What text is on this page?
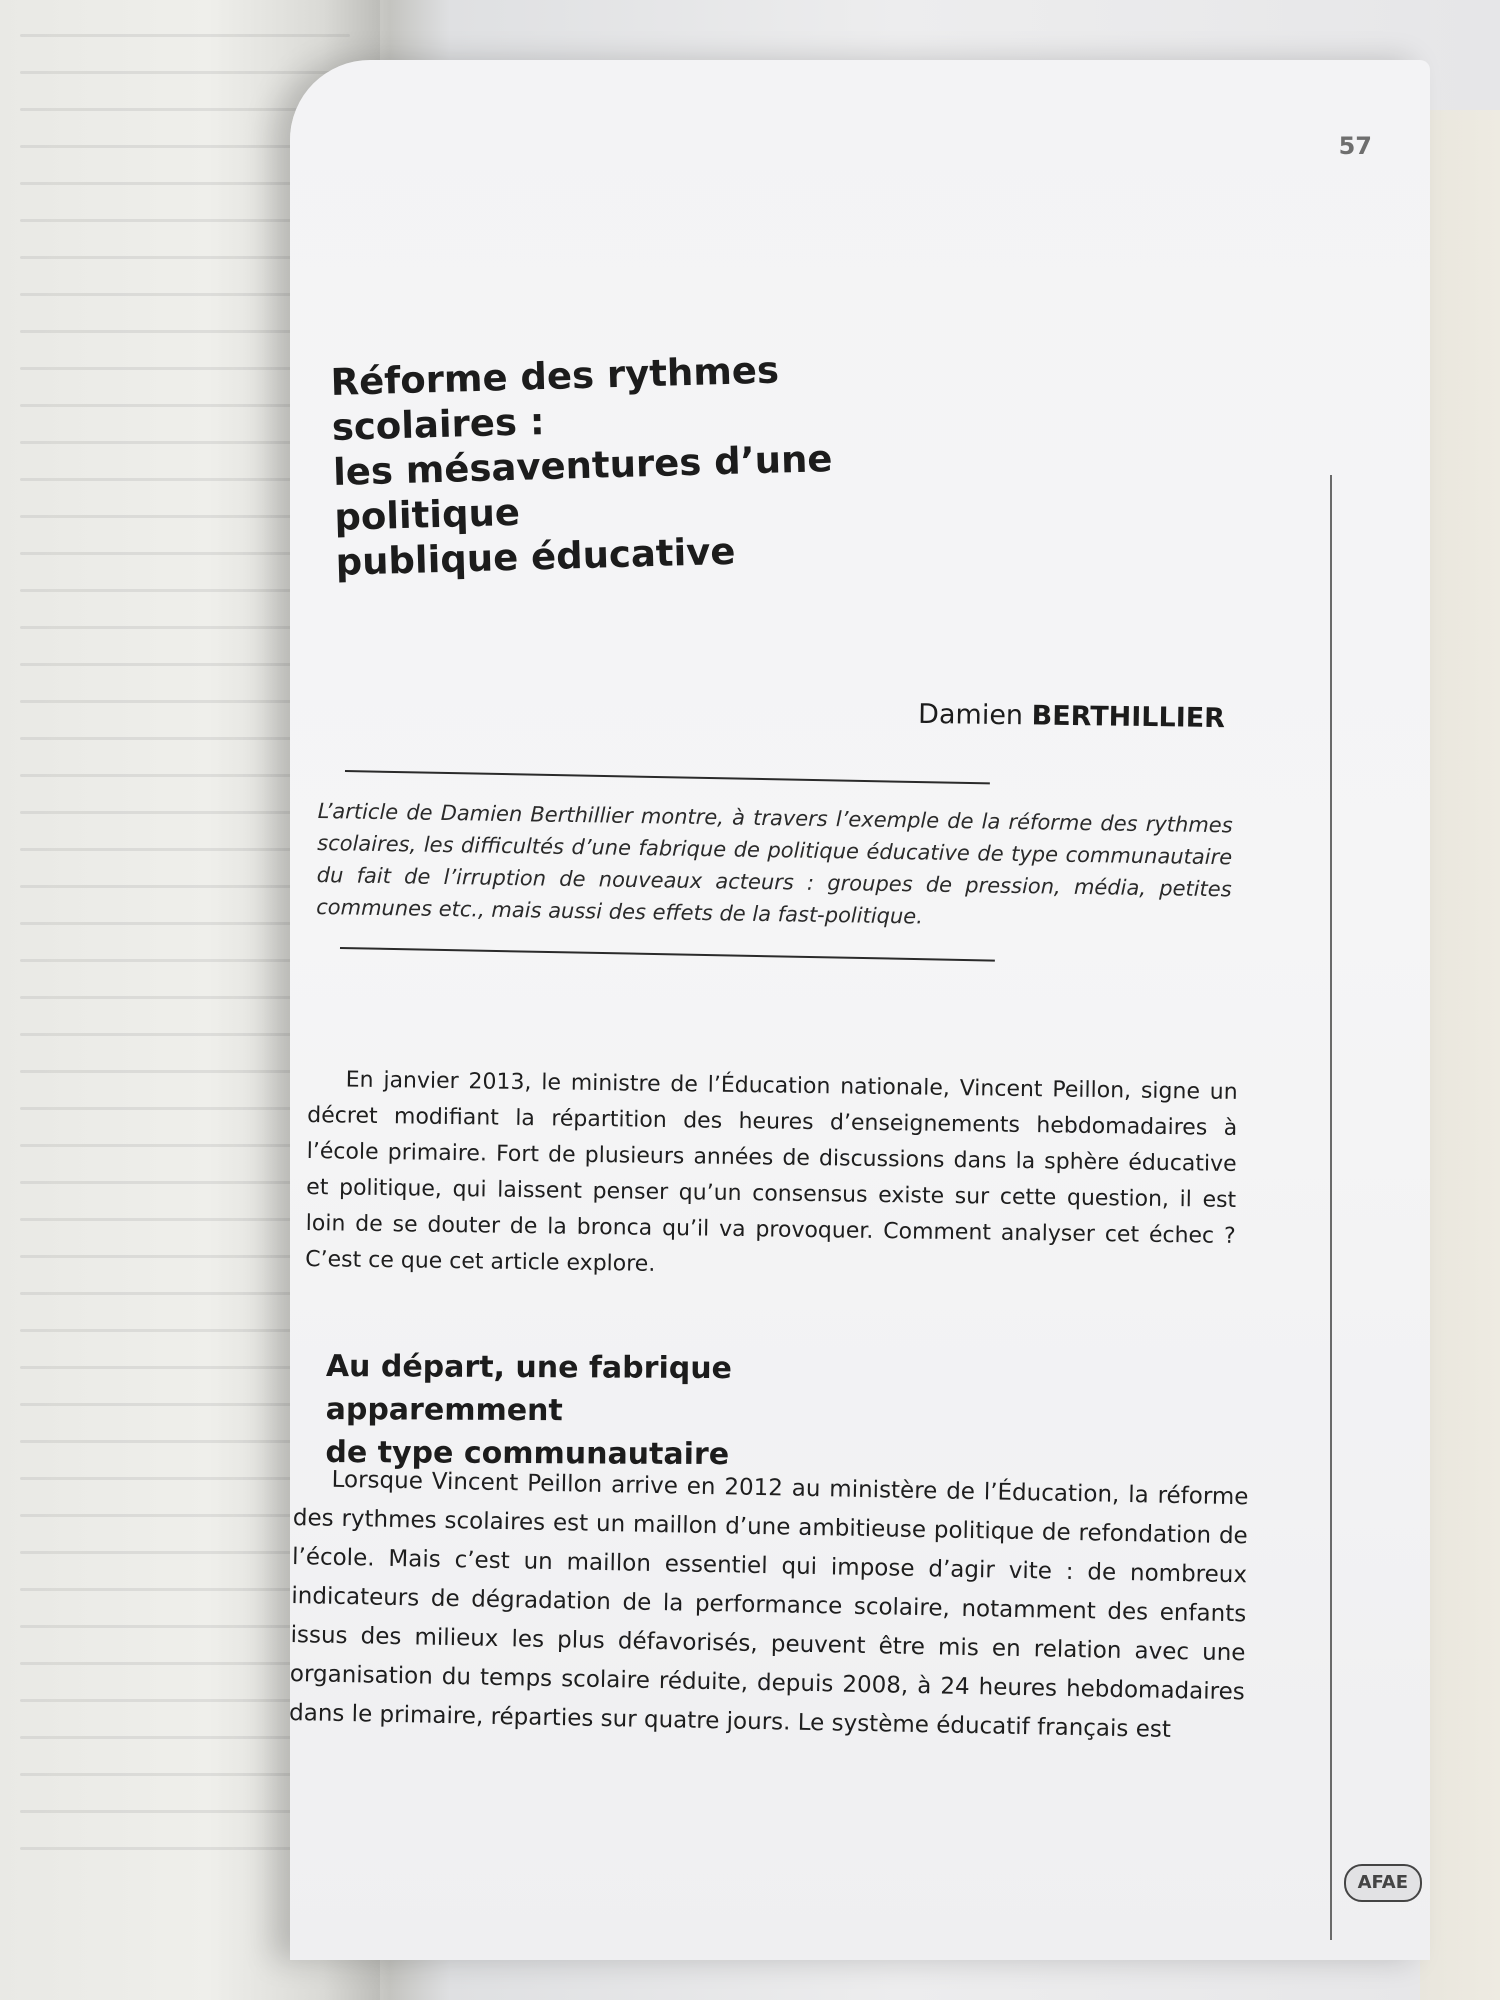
57
Réforme des rythmes scolaires :
les mésaventures d’une politique
publique éducative

Damien BERTHILLIER

L’article de Damien Berthillier montre, à travers l’exemple de la réforme des rythmes scolaires, les difficultés d’une fabrique de politique éducative de type communautaire du fait de l’irruption de nouveaux acteurs : groupes de pression, média, petites communes etc., mais aussi des effets de la fast-politique.

En janvier 2013, le ministre de l’Éducation nationale, Vincent Peillon, signe un décret modifiant la répartition des heures d’enseignements hebdomadaires à l’école primaire. Fort de plusieurs années de discussions dans la sphère éducative et politique, qui laissent penser qu’un consensus existe sur cette question, il est loin de se douter de la bronca qu’il va provoquer. Comment analyser cet échec ? C’est ce que cet article explore.

Au départ, une fabrique apparemment
de type communautaire

Lorsque Vincent Peillon arrive en 2012 au ministère de l’Éducation, la réforme des rythmes scolaires est un maillon d’une ambitieuse politique de refondation de l’école. Mais c’est un maillon essentiel qui impose d’agir vite : de nombreux indicateurs de dégradation de la performance scolaire, notamment des enfants issus des milieux les plus défavorisés, peuvent être mis en relation avec une organisation du temps scolaire réduite, depuis 2008, à 24 heures hebdomadaires dans le primaire, réparties sur quatre jours. Le système éducatif français est

AFAE
